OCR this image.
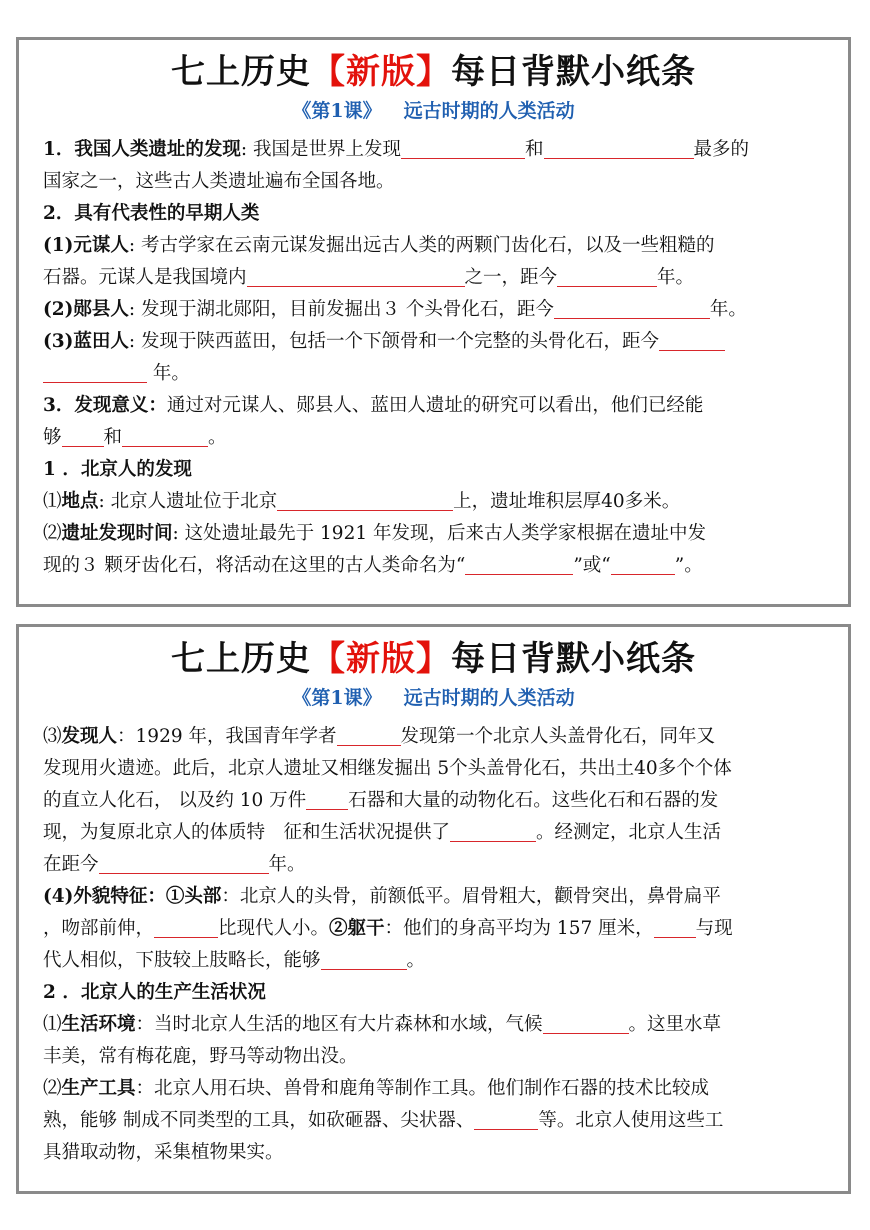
七上历史【新版】每日背默小纸条
《第1课》 远古时期的人类活动
1．我国人类遗址的发现: 我国是世界上发现	和	最多的
国家之一，这些古人类遗址遍布全国各地。
2．具有代表性的早期人类
(1)元谋人: 考古学家在云南元谋发掘出远古人类的两颗门齿化石，以及一些粗糙的
石器。元谋人是我国境内	之一，距今	年。
(2)郧县人: 发现于湖北郧阳，目前发掘出３ 个头骨化石，距今	年。
(3)蓝田人: 发现于陕西蓝田，包括一个下颌骨和一个完整的头骨化石，距今
年。
3．发现意义：通过对元谋人、郧县人、蓝田人遗址的研究可以看出，他们已经能
够 和	。
1 ．北京人的发现
⑴地点: 北京人遗址位于北京	上，遗址堆积层厚40多米。
⑵遗址发现时间: 这处遗址最先于 1921 年发现，后来古人类学家根据在遗址中发
现的３ 颗牙齿化石，将活动在这里的古人类命名为“	”或“	”。
七上历史【新版】每日背默小纸条
《第1课》 远古时期的人类活动
⑶发现人：1929 年，我国青年学者	发现第一个北京人头盖骨化石，同年又
发现用火遗迹。此后，北京人遗址又相继发掘出 5个头盖骨化石，共出土40多个个体
的直立人化石， 以及约 10 万件 石器和大量的动物化石。这些化石和石器的发
现，为复原北京人的体质特　征和生活状况提供了	。经测定，北京人生活
在距今	年。
(4)外貌特征：①头部：北京人的头骨，前额低平。眉骨粗大，颧骨突出，鼻骨扁平
，吻部前伸，	比现代人小。②躯干：他们的身高平均为 157 厘米， 与现
代人相似，下肢较上肢略长，能够	。
2 ．北京人的生产生活状况
⑴生活环境：当时北京人生活的地区有大片森林和水域，气候	。这里水草
丰美，常有梅花鹿，野马等动物出没。
⑵生产工具：北京人用石块、兽骨和鹿角等制作工具。他们制作石器的技术比较成
熟，能够 制成不同类型的工具，如砍砸器、尖状器、	等。北京人使用这些工
具猎取动物，采集植物果实。
